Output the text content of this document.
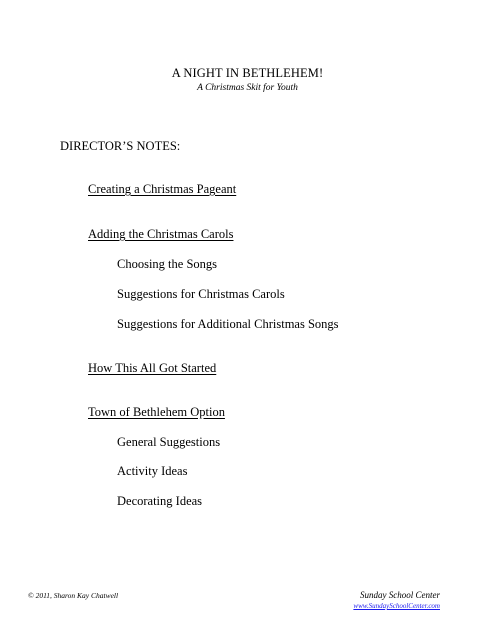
A NIGHT IN BETHLEHEM!
A Christmas Skit for Youth
DIRECTOR’S NOTES:
Creating a Christmas Pageant
Adding the Christmas Carols
Choosing the Songs
Suggestions for Christmas Carols
Suggestions for Additional Christmas Songs
How This All Got Started
Town of Bethlehem Option
General Suggestions
Activity Ideas
Decorating Ideas
© 2011, Sharon Kay Chatwell	Sunday School Center
www.SundaySchoolCenter.com
